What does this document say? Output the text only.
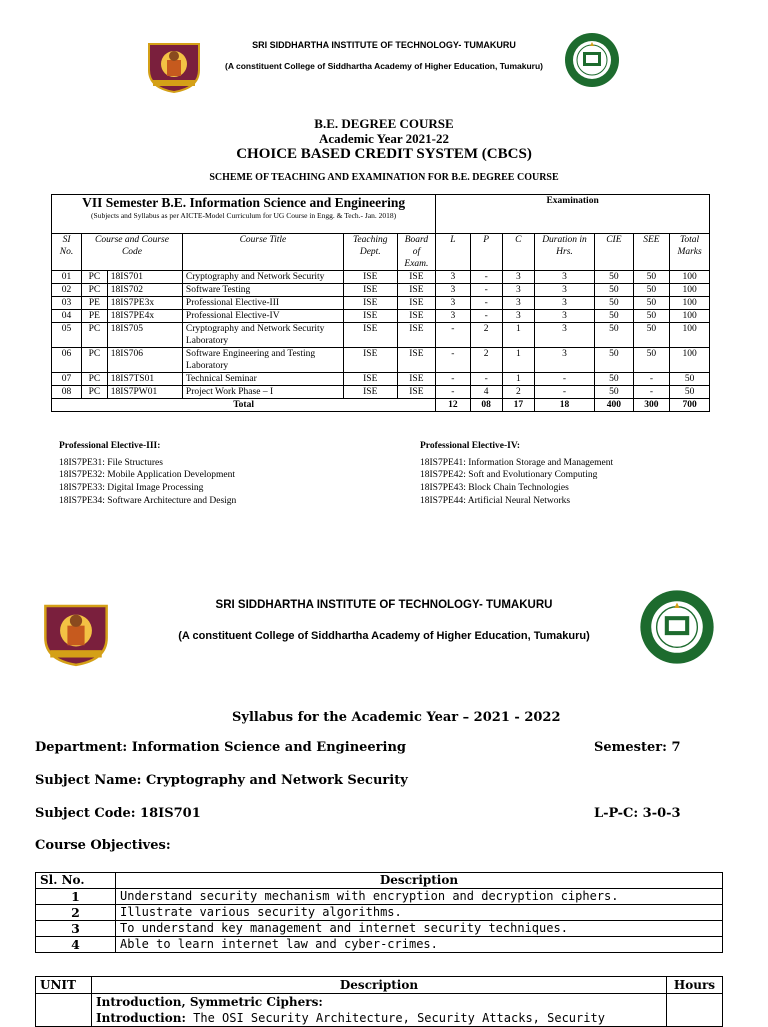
SRI SIDDHARTHA INSTITUTE OF TECHNOLOGY- TUMAKURU
(A constituent College of Siddhartha Academy of Higher Education, Tumakuru)
B.E. DEGREE COURSE
Academic Year 2021-22
CHOICE BASED CREDIT SYSTEM (CBCS)
SCHEME OF TEACHING AND EXAMINATION FOR B.E. DEGREE COURSE
VII Semester B.E. Information Science and Engineering
(Subjects and Syllabus as per AICTE-Model Curriculum for UG Course in Engg. & Tech.- Jan. 2018)						Examination						
SI No.	Course and Course Code		Course Title	Teaching Dept.	Board of Exam.	L	P	C	Duration in Hrs.	CIE	SEE	Total Marks
01	PC	18IS701	Cryptography and Network Security	ISE	ISE	3	-	3	3	50	50	100
02	PC	18IS702	Software Testing	ISE	ISE	3	-	3	3	50	50	100
03	PE	18IS7PE3x	Professional Elective-III	ISE	ISE	3	-	3	3	50	50	100
04	PE	18IS7PE4x	Professional Elective-IV	ISE	ISE	3	-	3	3	50	50	100
05	PC	18IS705	Cryptography and Network Security Laboratory	ISE	ISE	-	2	1	3	50	50	100
06	PC	18IS706	Software Engineering and Testing Laboratory	ISE	ISE	-	2	1	3	50	50	100
07	PC	18IS7TS01	Technical Seminar	ISE	ISE	-	-	1	-	50	-	50
08	PC	18IS7PW01	Project Work Phase – I	ISE	ISE	-	4	2	-	50	-	50
Total						12	08	17	18	400	300	700
Professional Elective-III:
18IS7PE31: File Structures
18IS7PE32: Mobile Application Development
18IS7PE33: Digital Image Processing
18IS7PE34: Software Architecture and Design
Professional Elective-IV:
18IS7PE41: Information Storage and Management
18IS7PE42: Soft and Evolutionary Computing
18IS7PE43: Block Chain Technologies
18IS7PE44: Artificial Neural Networks
SRI SIDDHARTHA INSTITUTE OF TECHNOLOGY- TUMAKURU
(A constituent College of Siddhartha Academy of Higher Education, Tumakuru)
Syllabus for the Academic Year – 2021 - 2022
Department: Information Science and Engineering	Semester: 7
Subject Name: Cryptography and Network Security
Subject Code: 18IS701	L-P-C: 3-0-3
Course Objectives:
Sl. No.	Description
1	Understand security mechanism with encryption and decryption ciphers.
2	Illustrate various security algorithms.
3	To understand key management and internet security techniques.
4	Able to learn internet law and cyber-crimes.
UNIT	Description	Hours

	Introduction, Symmetric Ciphers:
Introduction: The OSI Security Architecture, Security Attacks, Security	
